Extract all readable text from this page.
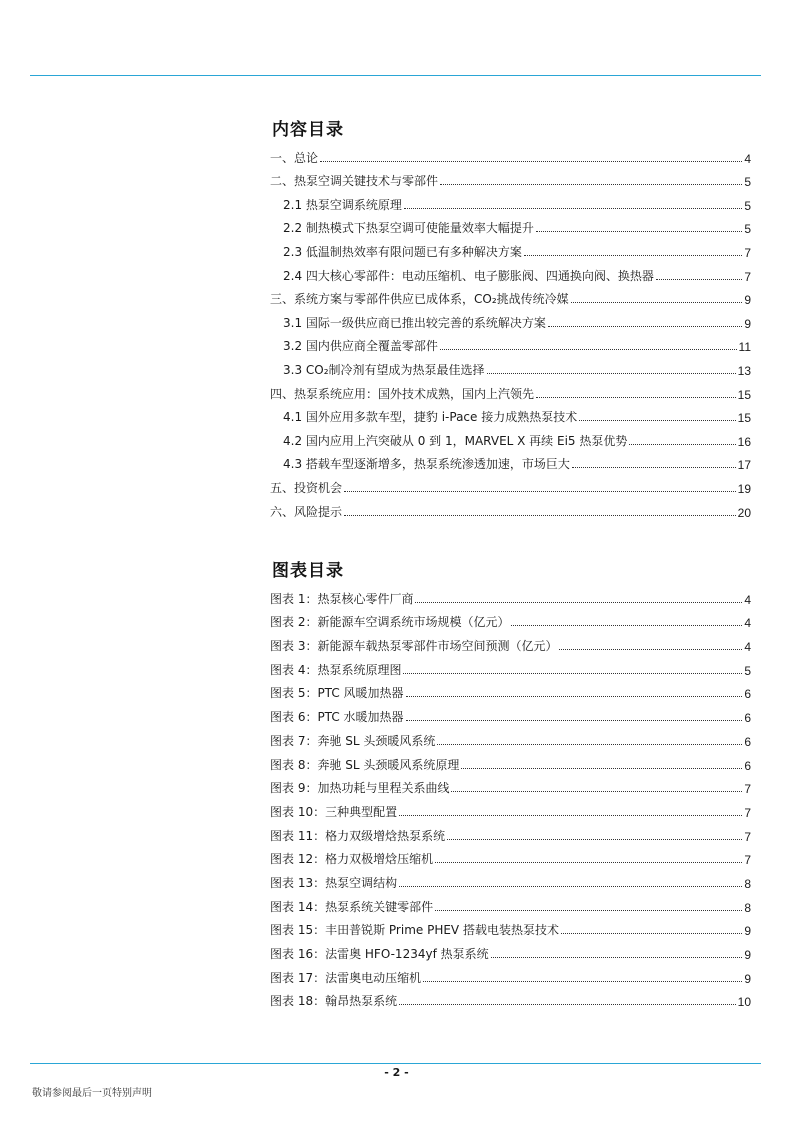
内容目录
一、总论	4
二、热泵空调关键技术与零部件	5
2.1 热泵空调系统原理	5
2.2 制热模式下热泵空调可使能量效率大幅提升	5
2.3 低温制热效率有限问题已有多种解决方案	7
2.4 四大核心零部件：电动压缩机、电子膨胀阀、四通换向阀、换热器	7
三、系统方案与零部件供应已成体系，CO₂挑战传统冷媒	9
3.1 国际一级供应商已推出较完善的系统解决方案	9
3.2 国内供应商全覆盖零部件	11
3.3 CO₂制冷剂有望成为热泵最佳选择	13
四、热泵系统应用：国外技术成熟，国内上汽领先	15
4.1 国外应用多款车型，捷豹 i-Pace 接力成熟热泵技术	15
4.2 国内应用上汽突破从 0 到 1，MARVEL X 再续 Ei5 热泵优势	16
4.3 搭载车型逐渐增多，热泵系统渗透加速，市场巨大	17
五、投资机会	19
六、风险提示	20
图表目录
图表 1：热泵核心零件厂商	4
图表 2：新能源车空调系统市场规模（亿元）	4
图表 3：新能源车载热泵零部件市场空间预测（亿元）	4
图表 4：热泵系统原理图	5
图表 5：PTC 风暖加热器	6
图表 6：PTC 水暖加热器	6
图表 7：奔驰 SL 头颈暖风系统	6
图表 8：奔驰 SL 头颈暖风系统原理	6
图表 9：加热功耗与里程关系曲线	7
图表 10：三种典型配置	7
图表 11：格力双级增焓热泵系统	7
图表 12：格力双极增焓压缩机	7
图表 13：热泵空调结构	8
图表 14：热泵系统关键零部件	8
图表 15：丰田普锐斯 Prime PHEV 搭载电装热泵技术	9
图表 16：法雷奥 HFO-1234yf 热泵系统	9
图表 17：法雷奥电动压缩机	9
图表 18：翰昂热泵系统	10
- 2 -
敬请参阅最后一页特别声明
